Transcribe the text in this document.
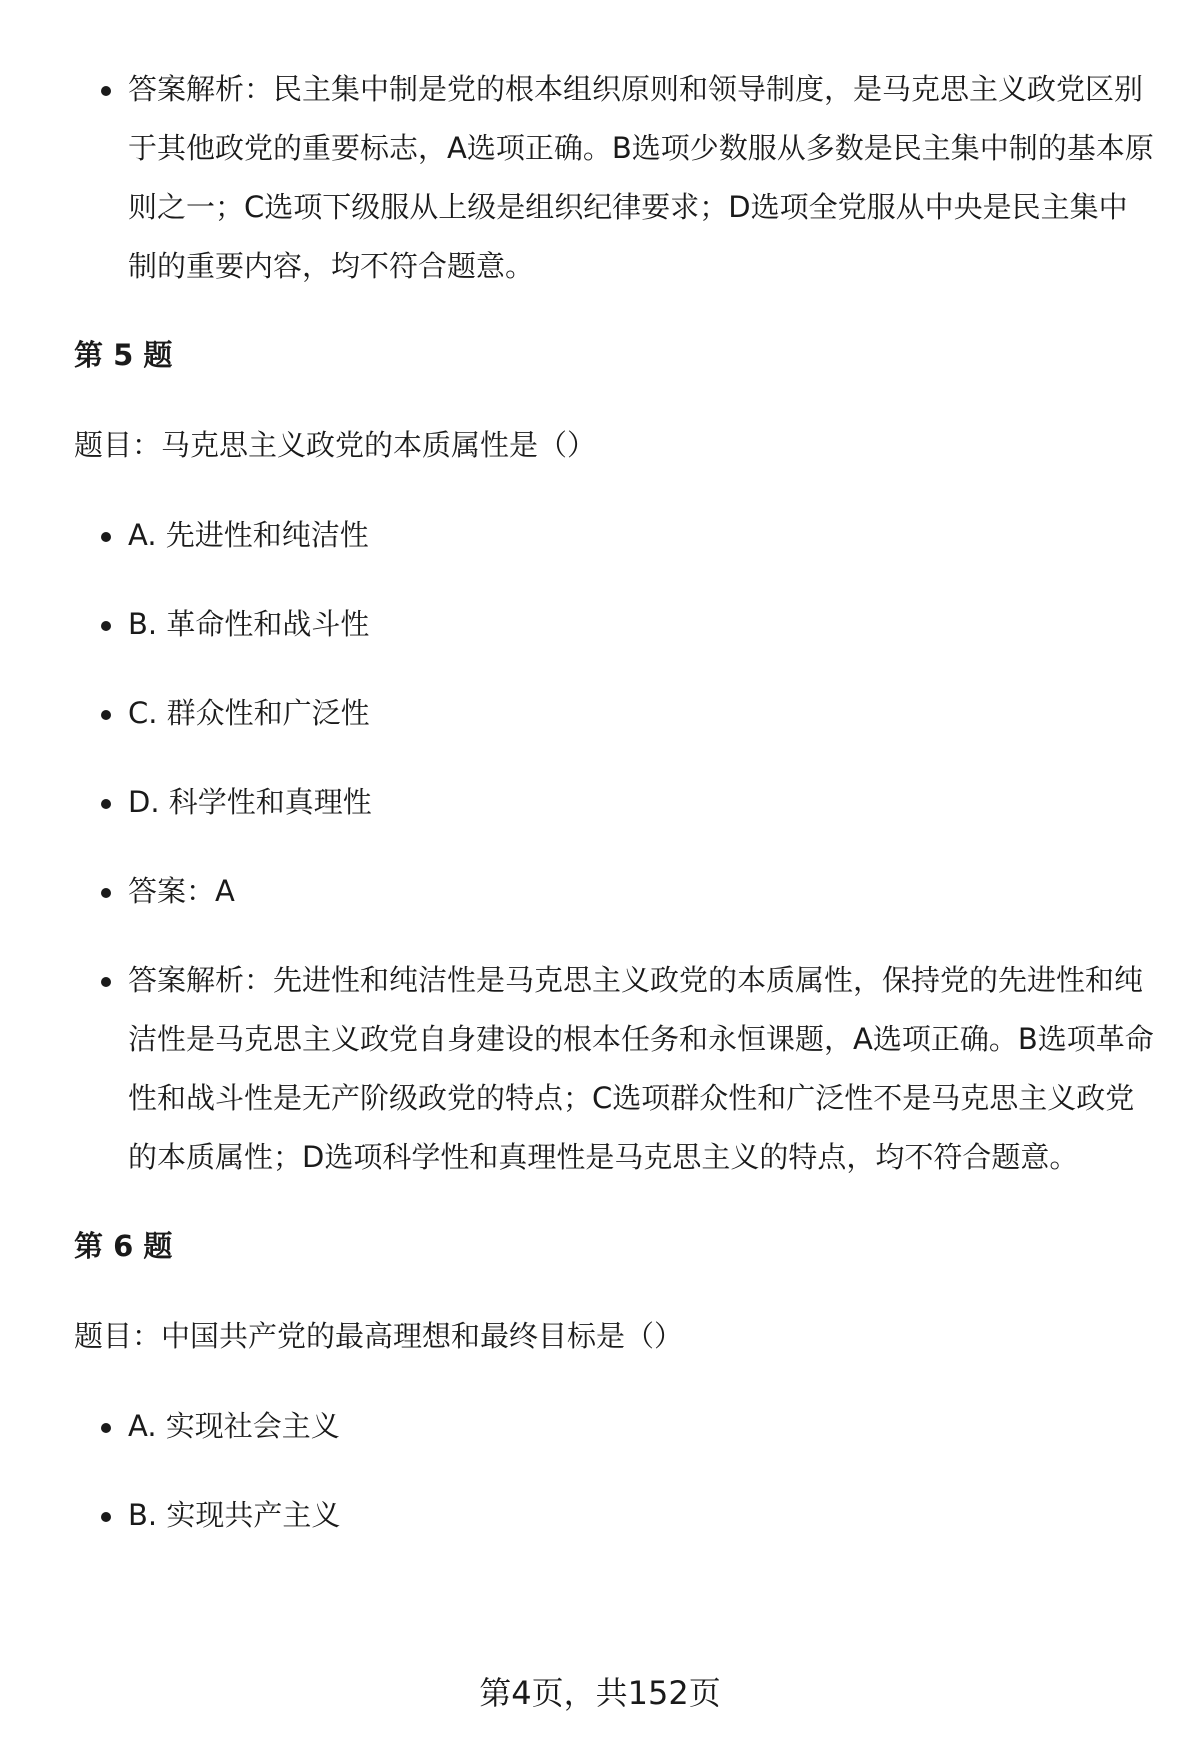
答案解析：民主集中制是党的根本组织原则和领导制度，是马克思主义政党区别于其他政党的重要标志，A选项正确。B选项少数服从多数是民主集中制的基本原则之一；C选项下级服从上级是组织纪律要求；D选项全党服从中央是民主集中制的重要内容，均不符合题意。
第 5 题
题目：马克思主义政党的本质属性是（）
A. 先进性和纯洁性
B. 革命性和战斗性
C. 群众性和广泛性
D. 科学性和真理性
答案：A
答案解析：先进性和纯洁性是马克思主义政党的本质属性，保持党的先进性和纯洁性是马克思主义政党自身建设的根本任务和永恒课题，A选项正确。B选项革命性和战斗性是无产阶级政党的特点；C选项群众性和广泛性不是马克思主义政党的本质属性；D选项科学性和真理性是马克思主义的特点，均不符合题意。
第 6 题
题目：中国共产党的最高理想和最终目标是（）
A. 实现社会主义
B. 实现共产主义
第4页，共152页
